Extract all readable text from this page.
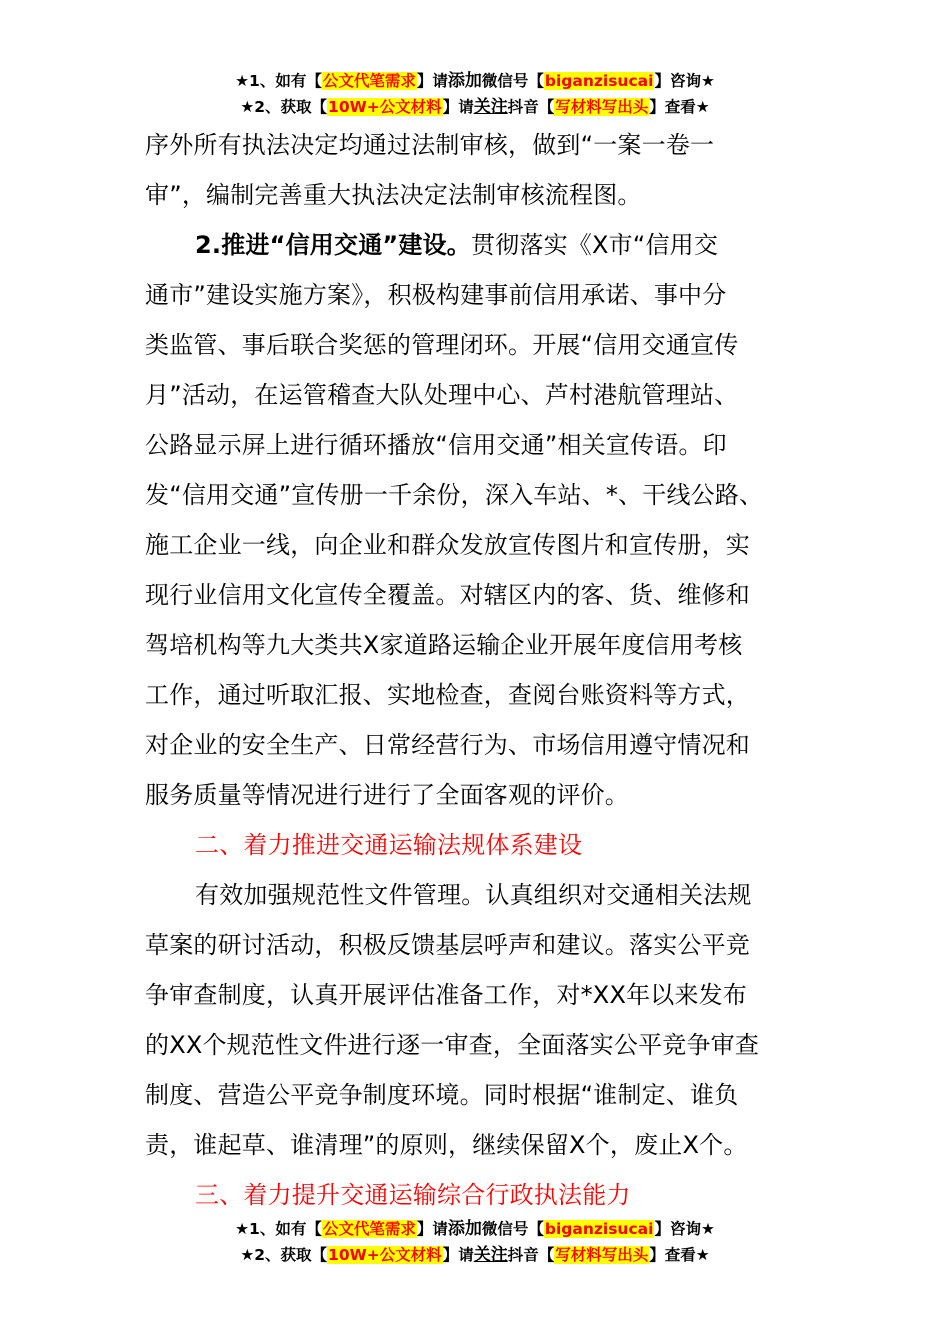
★1、如有【公文代笔需求】请添加微信号【biganzisucai】咨询★
★2、获取【10W+公文材料】请关注抖音【写材料写出头】查看★
序外所有执法决定均通过法制审核，做到“一案一卷一
审”，编制完善重大执法决定法制审核流程图。
2.推进“信用交通”建设。贯彻落实《X市“信用交
通市”建设实施方案》，积极构建事前信用承诺、事中分
类监管、事后联合奖惩的管理闭环。开展“信用交通宣传
月”活动，在运管稽查大队处理中心、芦村港航管理站、
公路显示屏上进行循环播放“信用交通”相关宣传语。印
发“信用交通”宣传册一千余份，深入车站、*、干线公路、
施工企业一线，向企业和群众发放宣传图片和宣传册，实
现行业信用文化宣传全覆盖。对辖区内的客、货、维修和
驾培机构等九大类共X家道路运输企业开展年度信用考核
工作，通过听取汇报、实地检查，查阅台账资料等方式，
对企业的安全生产、日常经营行为、市场信用遵守情况和
服务质量等情况进行进行了全面客观的评价。
二、着力推进交通运输法规体系建设
有效加强规范性文件管理。认真组织对交通相关法规
草案的研讨活动，积极反馈基层呼声和建议。落实公平竞
争审查制度，认真开展评估准备工作，对*XX年以来发布
的XX个规范性文件进行逐一审查，全面落实公平竞争审查
制度、营造公平竞争制度环境。同时根据“谁制定、谁负
责，谁起草、谁清理”的原则，继续保留X个，废止X个。
三、着力提升交通运输综合行政执法能力
★1、如有【公文代笔需求】请添加微信号【biganzisucai】咨询★
★2、获取【10W+公文材料】请关注抖音【写材料写出头】查看★
